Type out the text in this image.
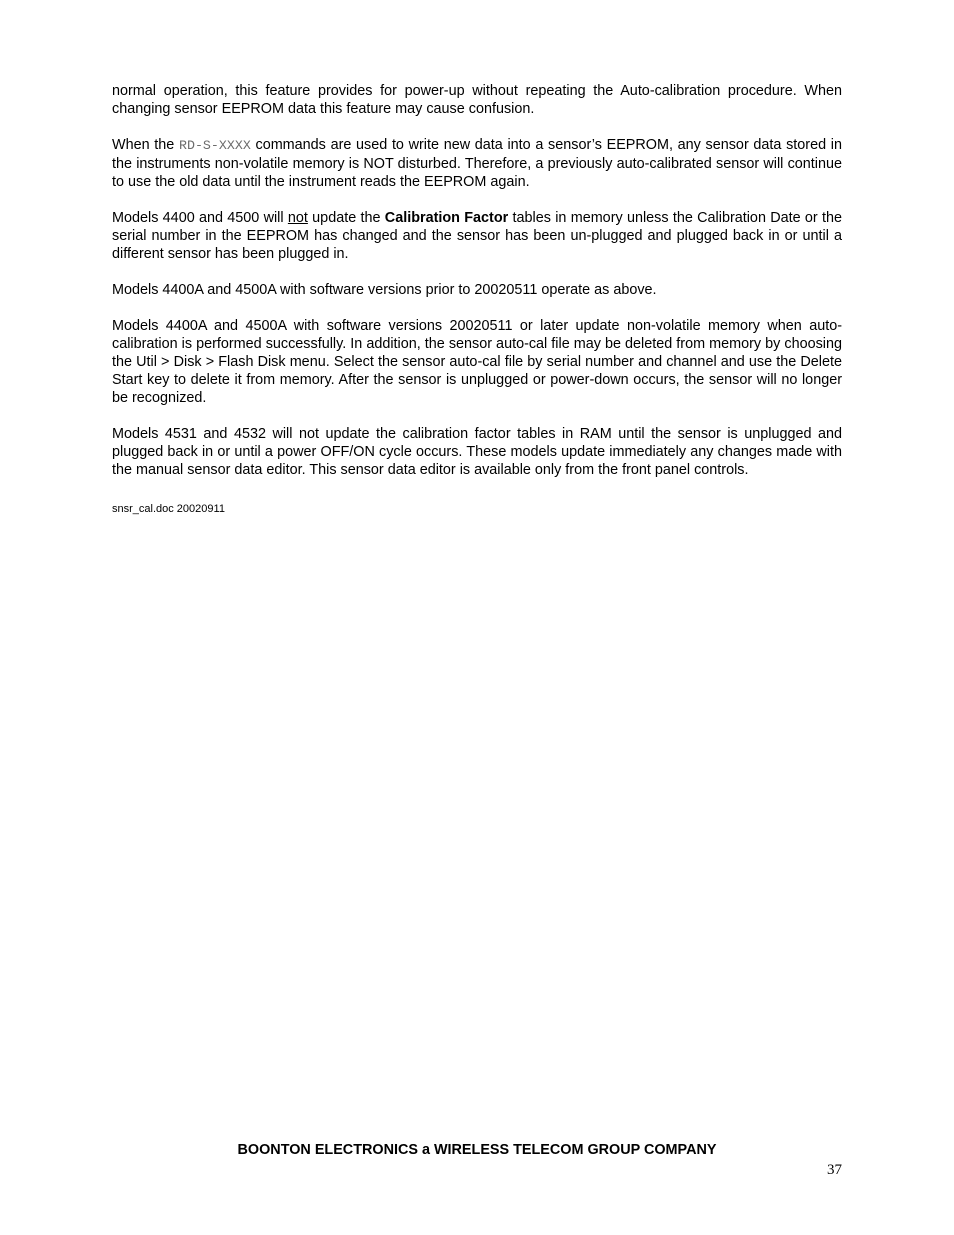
normal operation, this feature provides for power-up without repeating the Auto-calibration procedure. When changing sensor EEPROM data this feature may cause confusion.

When the RD-S-XXXX commands are used to write new data into a sensor’s EEPROM, any sensor data stored in the instruments non-volatile memory is NOT disturbed. Therefore, a previously auto-calibrated sensor will continue to use the old data until the instrument reads the EEPROM again.

Models 4400 and 4500 will not update the Calibration Factor tables in memory unless the Calibration Date or the serial number in the EEPROM has changed and the sensor has been un-plugged and plugged back in or until a different sensor has been plugged in.

Models 4400A and 4500A with software versions prior to 20020511 operate as above.

Models 4400A and 4500A with software versions 20020511 or later update non-volatile memory when auto-calibration is performed successfully. In addition, the sensor auto-cal file may be deleted from memory by choosing the Util > Disk > Flash Disk menu. Select the sensor auto-cal file by serial number and channel and use the Delete Start key to delete it from memory. After the sensor is unplugged or power-down occurs, the sensor will no longer be recognized.

Models 4531 and 4532 will not update the calibration factor tables in RAM until the sensor is unplugged and plugged back in or until a power OFF/ON cycle occurs. These models update immediately any changes made with the manual sensor data editor. This sensor data editor is available only from the front panel controls.

snsr_cal.doc 20020911
BOONTON ELECTRONICS a WIRELESS TELECOM GROUP COMPANY
37
